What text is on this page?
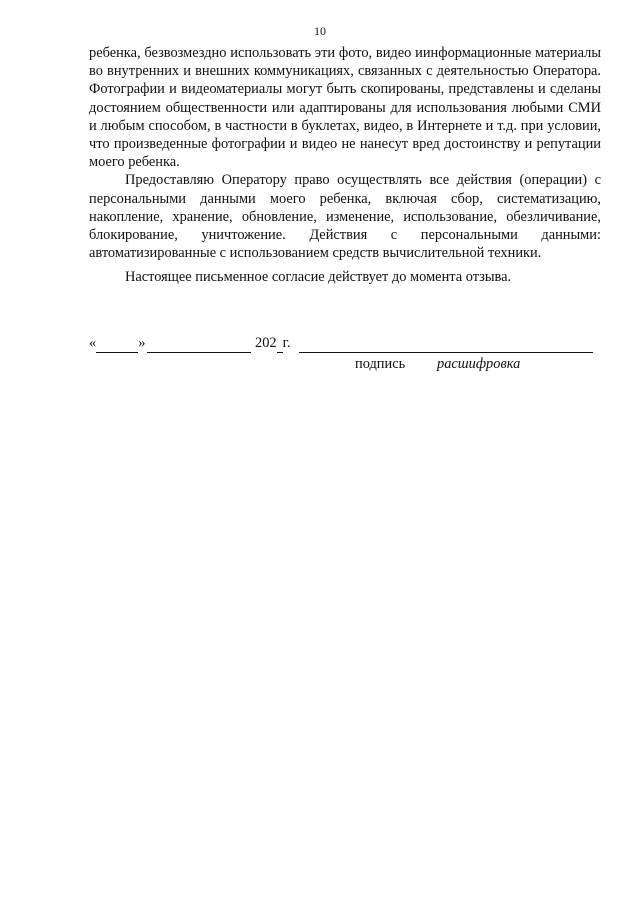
10

ребенка, безвозмездно использовать эти фото, видео иинформационные материалы во внутренних и внешних коммуникациях, связанных с деятельностью Оператора. Фотографии и видеоматериалы могут быть скопированы, представлены и сделаны достоянием общественности или адаптированы для использования любыми СМИ и любым способом, в частности в буклетах, видео, в Интернете и т.д. при условии, что произведенные фотографии и видео не нанесут вред достоинству и репутации моего ребенка.

Предоставляю Оператору право осуществлять все действия (операции) с персональными данными моего ребенка, включая сбор, систематизацию, накопление, хранение, обновление, изменение, использование, обезличивание, блокирование, уничтожение. Действия с персональными данными: автоматизированные с использованием средств вычислительной техники.

Настоящее письменное согласие действует до момента отзыва.

«	»	202 г.
подпись расшифровка
